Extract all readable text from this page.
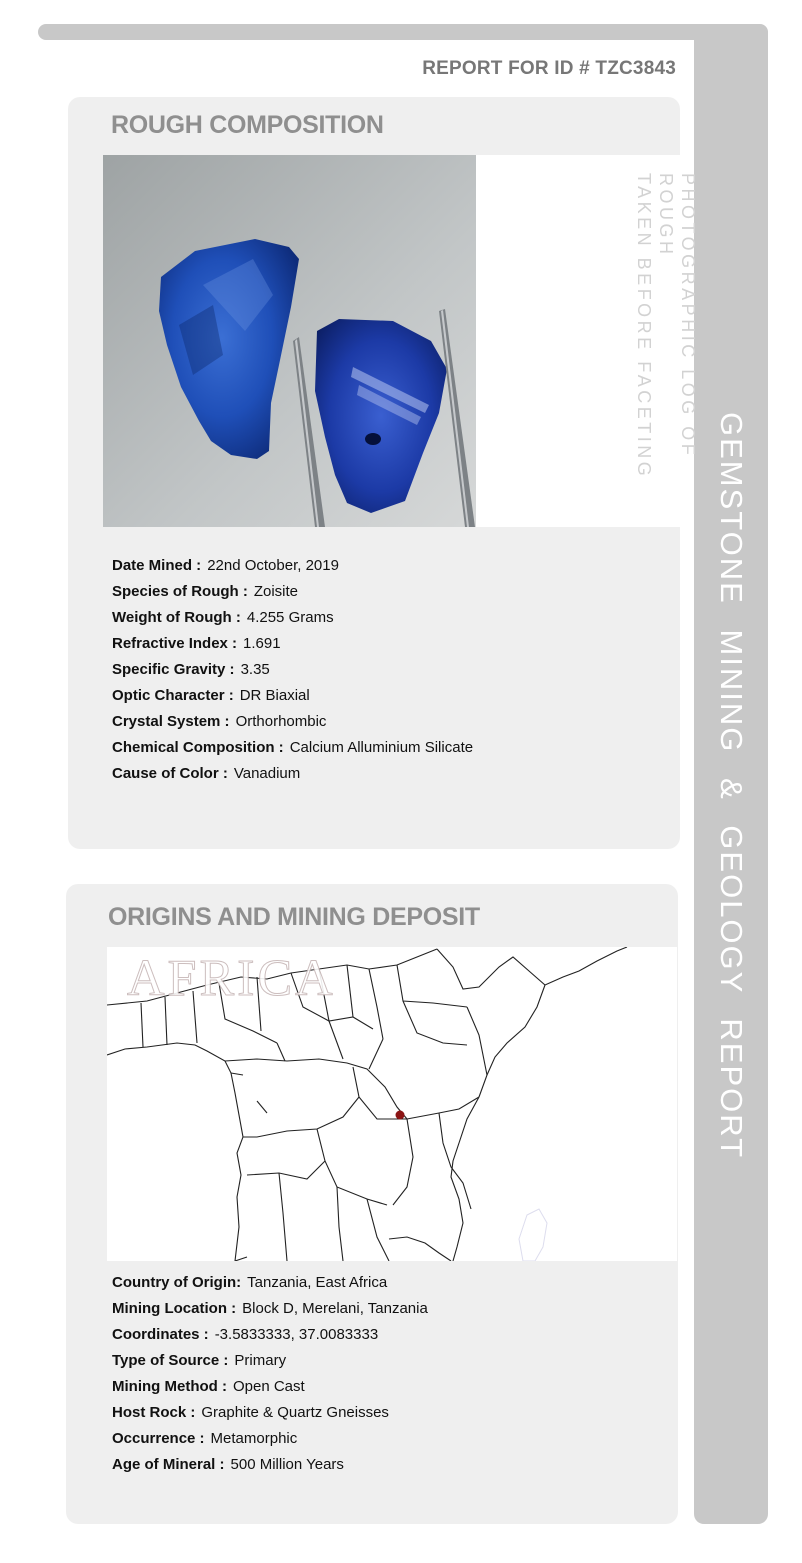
GEMSTONE MINING & GEOLOGY REPORT
REPORT FOR ID # TZC3843
ROUGH COMPOSITION
PHOTOGRAPHIC LOG OF ROUGH
TAKEN BEFORE FACETING
Date Mined : 22nd October, 2019
Species of Rough : Zoisite
Weight of Rough : 4.255 Grams
Refractive Index : 1.691
Specific Gravity : 3.35
Optic Character : DR Biaxial
Crystal System : Orthorhombic
Chemical Composition : Calcium Alluminium Silicate
Cause of Color : Vanadium
ORIGINS AND MINING DEPOSIT
AFRICA
Country of Origin: Tanzania, East Africa
Mining Location : Block D, Merelani, Tanzania
Coordinates : -3.5833333, 37.0083333
Type of Source : Primary
Mining Method : Open Cast
Host Rock : Graphite & Quartz Gneisses
Occurrence : Metamorphic
Age of Mineral : 500 Million Years
